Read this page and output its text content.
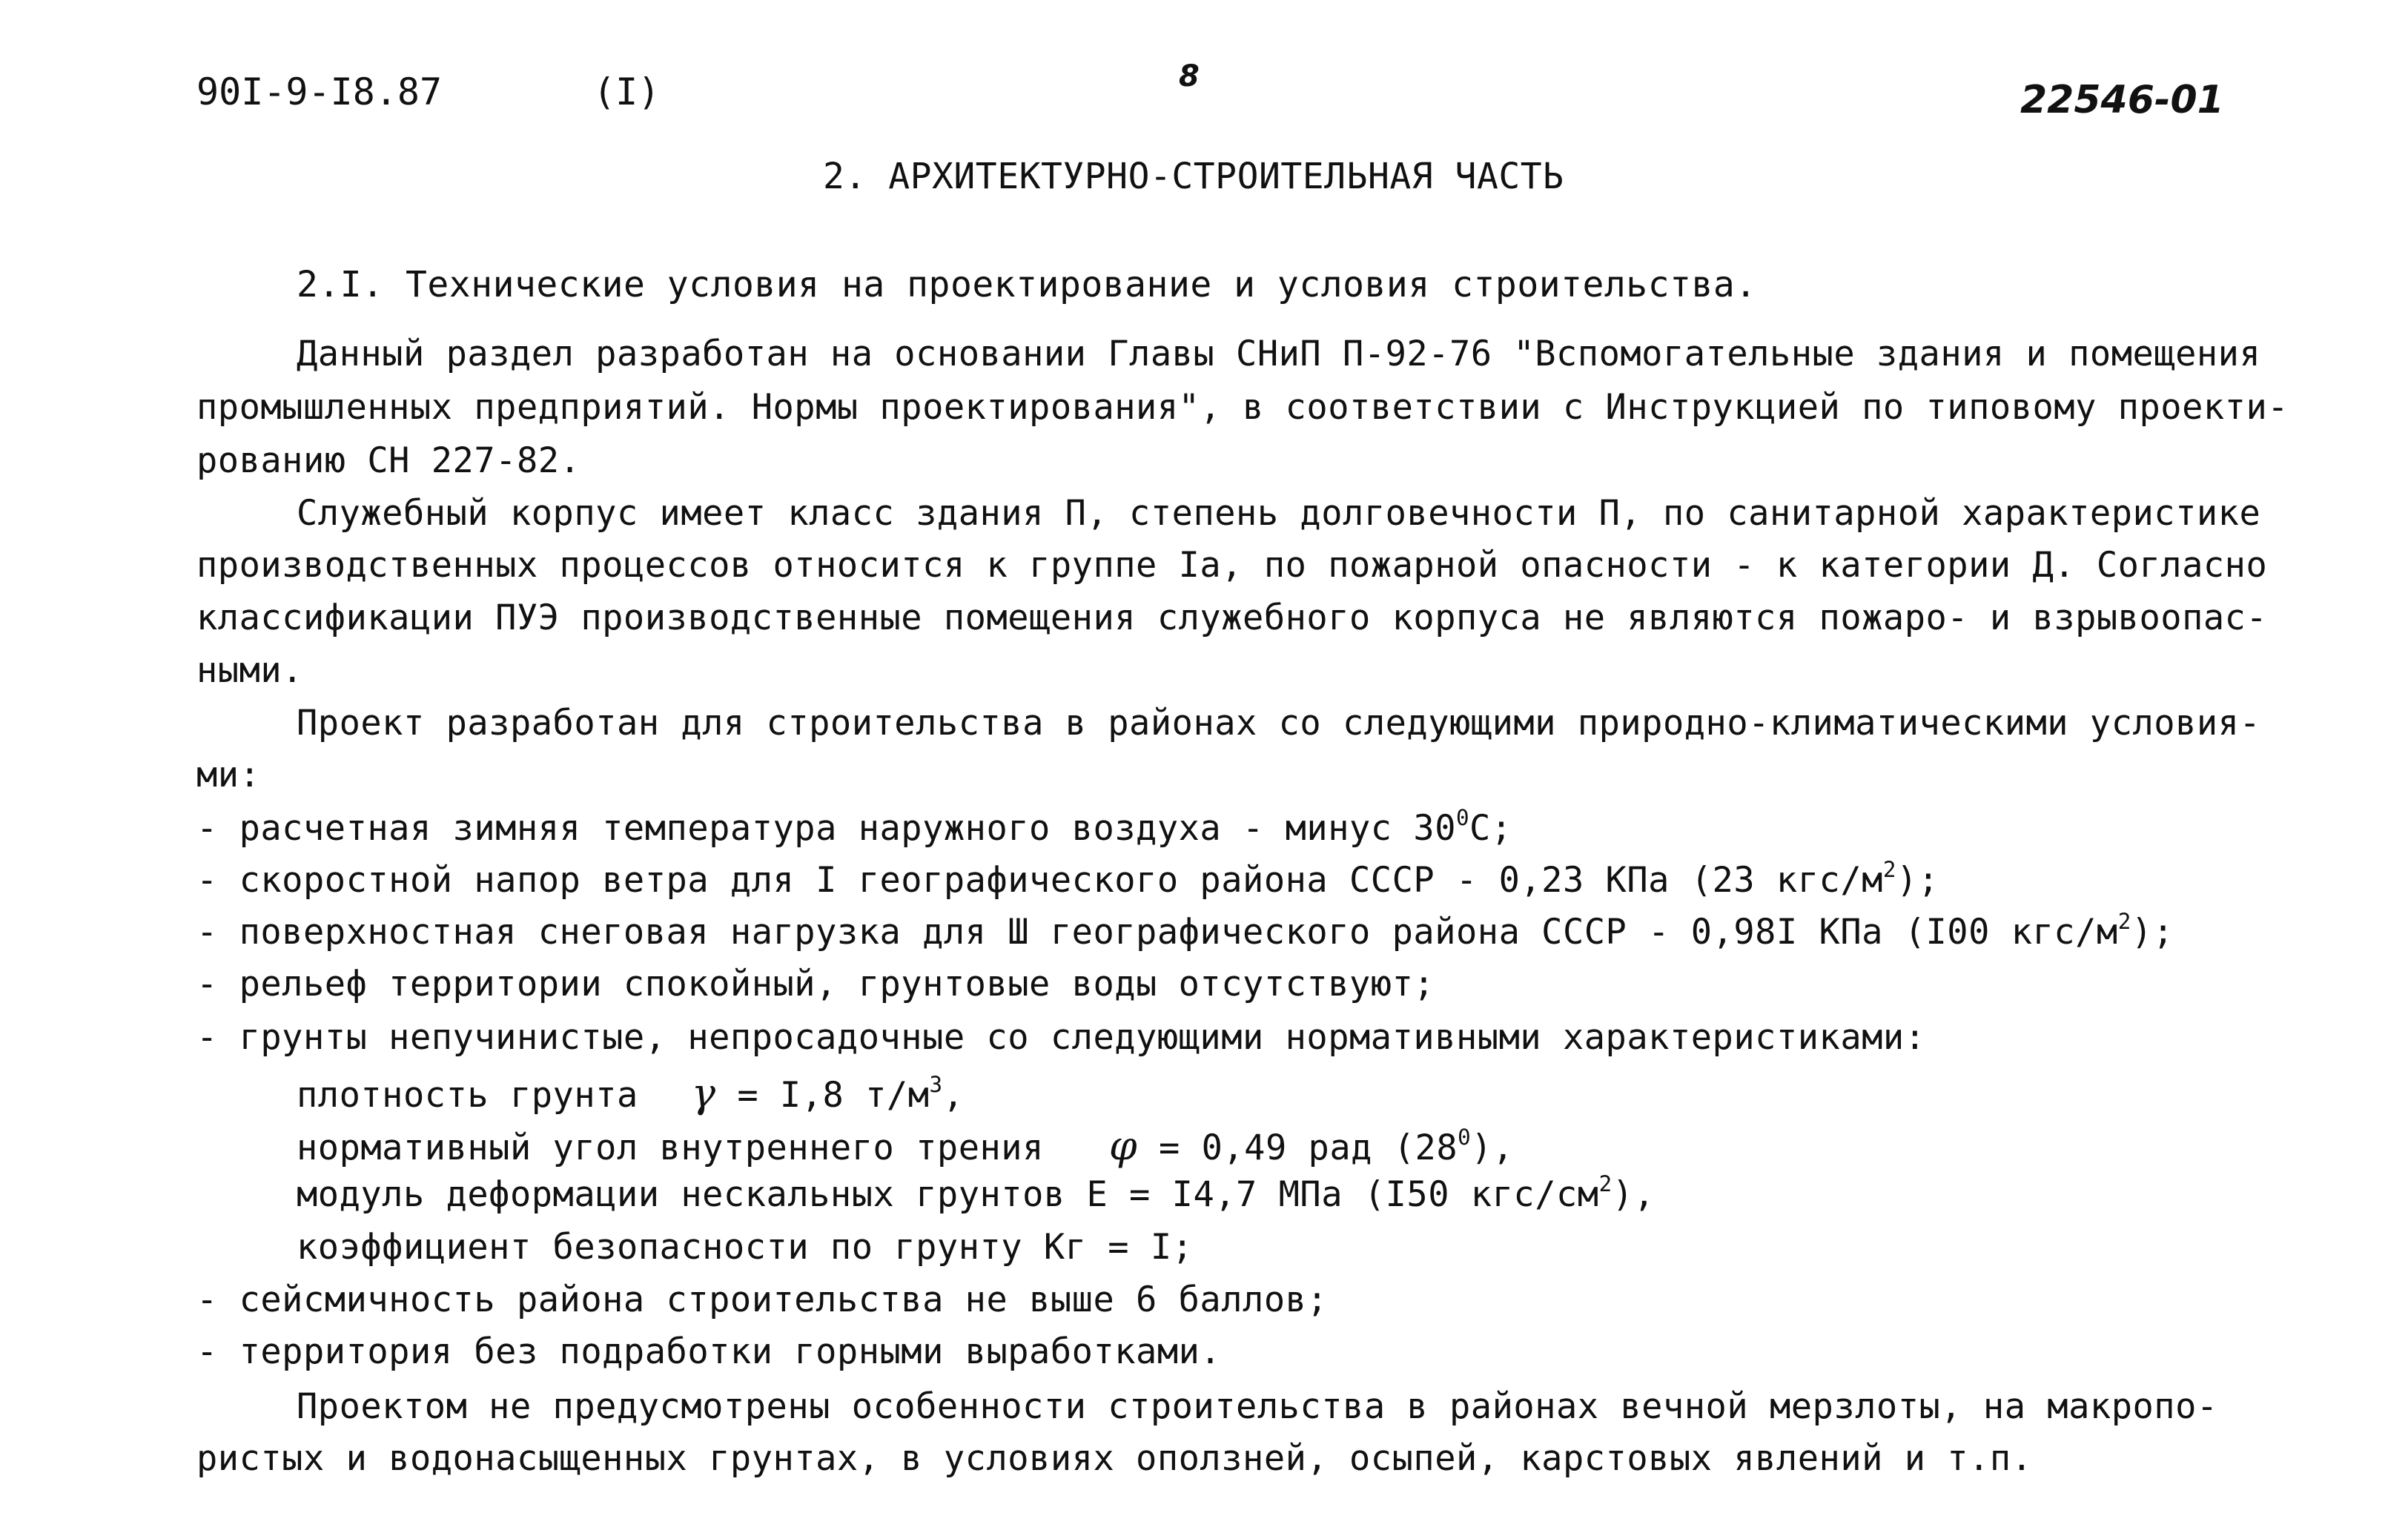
90I-9-I8.87	(I)	8
22546-01
2. АРХИТЕКТУРНО-СТРОИТЕЛЬНАЯ ЧАСТЬ
2.I. Технические условия на проектирование и условия строительства.
Данный раздел разработан на основании Главы СНиП П-92-76 "Вспомогательные здания и помещения
промышленных предприятий. Нормы проектирования", в соответствии с Инструкцией по типовому проекти-
рованию СН 227-82.
Служебный корпус имеет класс здания П, степень долговечности П, по санитарной характеристике
производственных процессов относится к группе Iа, по пожарной опасности - к категории Д. Согласно
классификации ПУЭ производственные помещения служебного корпуса не являются пожаро- и взрывоопас-
ными.
Проект разработан для строительства в районах со следующими природно-климатическими условия-
ми:
- расчетная зимняя температура наружного воздуха - минус $30^0С$;
- скоростной напор ветра для I географического района СССР - 0,23 КПа (23 кгс/$м^2$);
- поверхностная снеговая нагрузка для Ш географического района СССР - 0,98I КПа (I00 кгс/$м^2$);
- рельеф территории спокойный, грунтовые воды отсутствуют;
- грунты непучинистые, непросадочные со следующими нормативными характеристиками:
плотность грунта γ = I,8 $т/м^3$,
нормативный угол внутреннего трения φ = 0,49 рад $(28^0)$,
модуль деформации нескальных грунтов Е = I4,7 МПа (I50 кгс/$см^2$),
коэффициент безопасности по грунту Кг = I;
- сейсмичность района строительства не выше 6 баллов;
- территория без подработки горными выработками.
Проектом не предусмотрены особенности строительства в районах вечной мерзлоты, на макропо-
ристых и водонасыщенных грунтах, в условиях оползней, осыпей, карстовых явлений и т.п.
